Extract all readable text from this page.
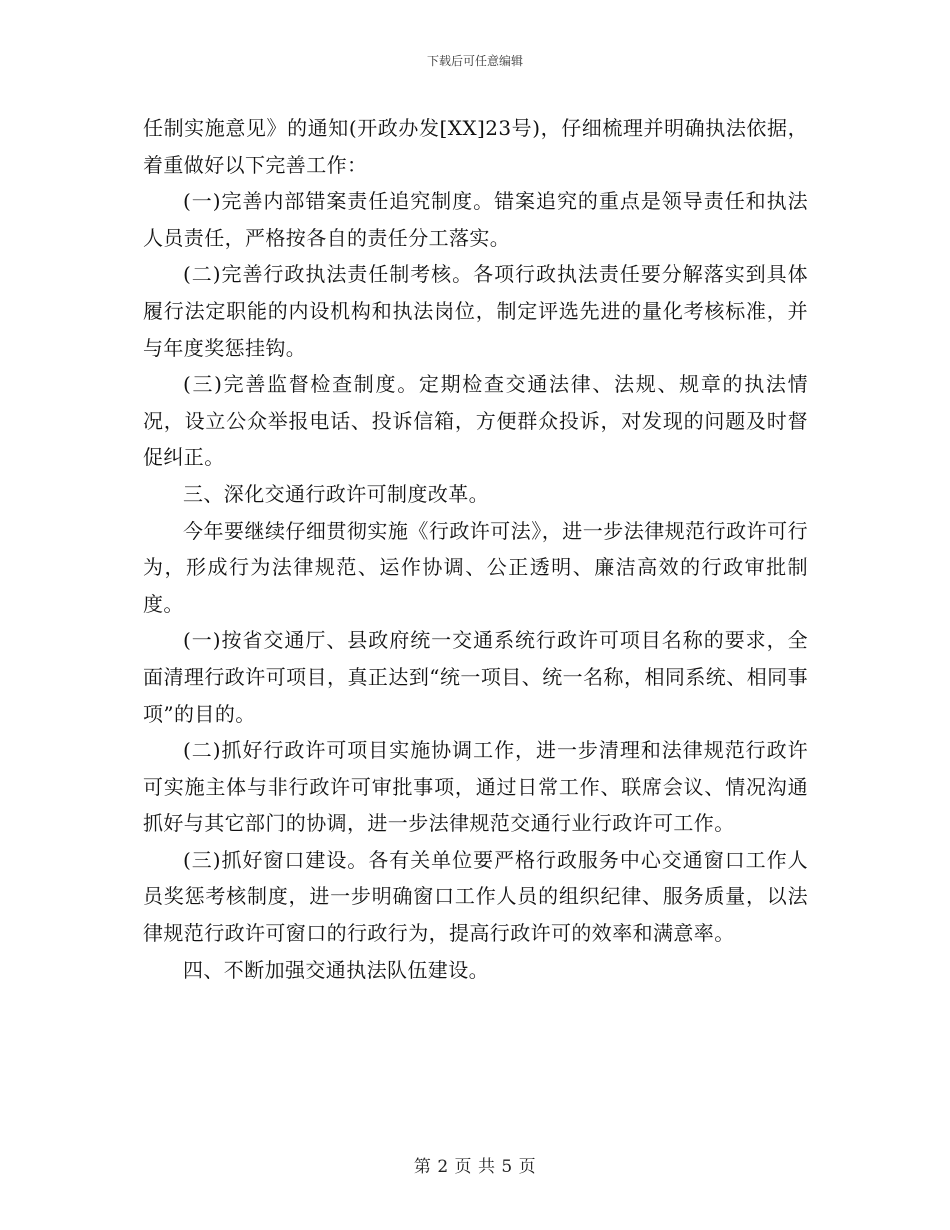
下载后可任意编辑

任制实施意见》的通知(开政办发[XX]23号)，仔细梳理并明确执法依据，着重做好以下完善工作：

(一)完善内部错案责任追究制度。错案追究的重点是领导责任和执法人员责任，严格按各自的责任分工落实。

(二)完善行政执法责任制考核。各项行政执法责任要分解落实到具体履行法定职能的内设机构和执法岗位，制定评选先进的量化考核标准，并与年度奖惩挂钩。

(三)完善监督检查制度。定期检查交通法律、法规、规章的执法情况，设立公众举报电话、投诉信箱，方便群众投诉，对发现的问题及时督促纠正。

三、深化交通行政许可制度改革。

今年要继续仔细贯彻实施《行政许可法》，进一步法律规范行政许可行为，形成行为法律规范、运作协调、公正透明、廉洁高效的行政审批制度。

(一)按省交通厅、县政府统一交通系统行政许可项目名称的要求，全面清理行政许可项目，真正达到“统一项目、统一名称，相同系统、相同事项”的目的。

(二)抓好行政许可项目实施协调工作，进一步清理和法律规范行政许可实施主体与非行政许可审批事项，通过日常工作、联席会议、情况沟通抓好与其它部门的协调，进一步法律规范交通行业行政许可工作。

(三)抓好窗口建设。各有关单位要严格行政服务中心交通窗口工作人员奖惩考核制度，进一步明确窗口工作人员的组织纪律、服务质量，以法律规范行政许可窗口的行政行为，提高行政许可的效率和满意率。

四、不断加强交通执法队伍建设。

第 2 页 共 5 页
